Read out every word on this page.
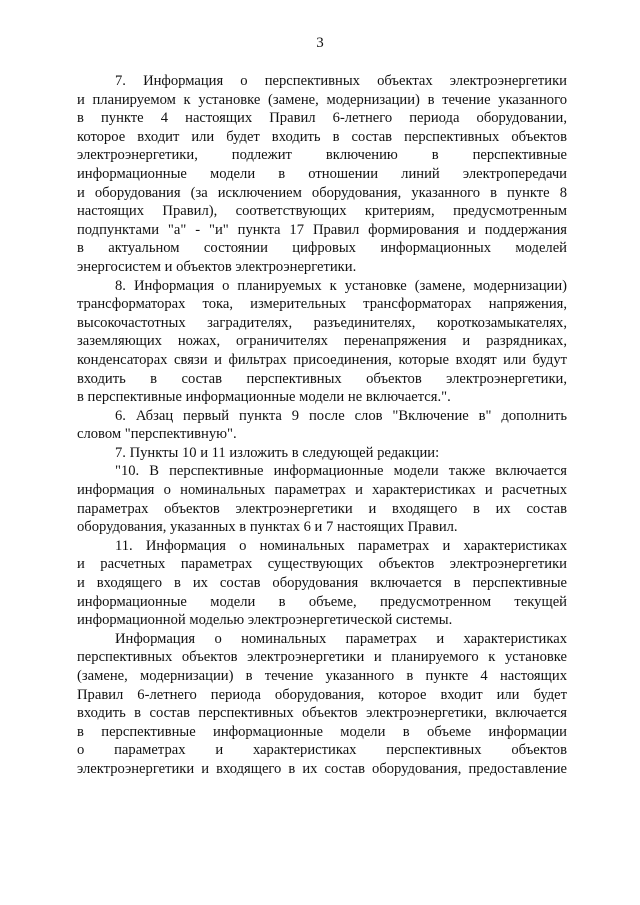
3
7. Информация о перспективных объектах электроэнергетики
и планируемом к установке (замене, модернизации) в течение указанного
в пункте 4 настоящих Правил 6-летнего периода оборудовании,
которое входит или будет входить в состав перспективных объектов
электроэнергетики, подлежит включению в перспективные
информационные модели в отношении линий электропередачи
и оборудования (за исключением оборудования, указанного в пункте 8
настоящих Правил), соответствующих критериям, предусмотренным
подпунктами "а" - "и" пункта 17 Правил формирования и поддержания
в актуальном состоянии цифровых информационных моделей
энергосистем и объектов электроэнергетики.
8. Информация о планируемых к установке (замене, модернизации)
трансформаторах тока, измерительных трансформаторах напряжения,
высокочастотных заградителях, разъединителях, короткозамыкателях,
заземляющих ножах, ограничителях перенапряжения и разрядниках,
конденсаторах связи и фильтрах присоединения, которые входят или будут
входить в состав перспективных объектов электроэнергетики,
в перспективные информационные модели не включается.".
6. Абзац первый пункта 9 после слов "Включение в" дополнить
словом "перспективную".
7. Пункты 10 и 11 изложить в следующей редакции:
"10. В перспективные информационные модели также включается
информация о номинальных параметрах и характеристиках и расчетных
параметрах объектов электроэнергетики и входящего в их состав
оборудования, указанных в пунктах 6 и 7 настоящих Правил.
11. Информация о номинальных параметрах и характеристиках
и расчетных параметрах существующих объектов электроэнергетики
и входящего в их состав оборудования включается в перспективные
информационные модели в объеме, предусмотренном текущей
информационной моделью электроэнергетической системы.
Информация о номинальных параметрах и характеристиках
перспективных объектов электроэнергетики и планируемого к установке
(замене, модернизации) в течение указанного в пункте 4 настоящих
Правил 6-летнего периода оборудования, которое входит или будет
входить в состав перспективных объектов электроэнергетики, включается
в перспективные информационные модели в объеме информации
о параметрах и характеристиках перспективных объектов
электроэнергетики и входящего в их состав оборудования, предоставление
